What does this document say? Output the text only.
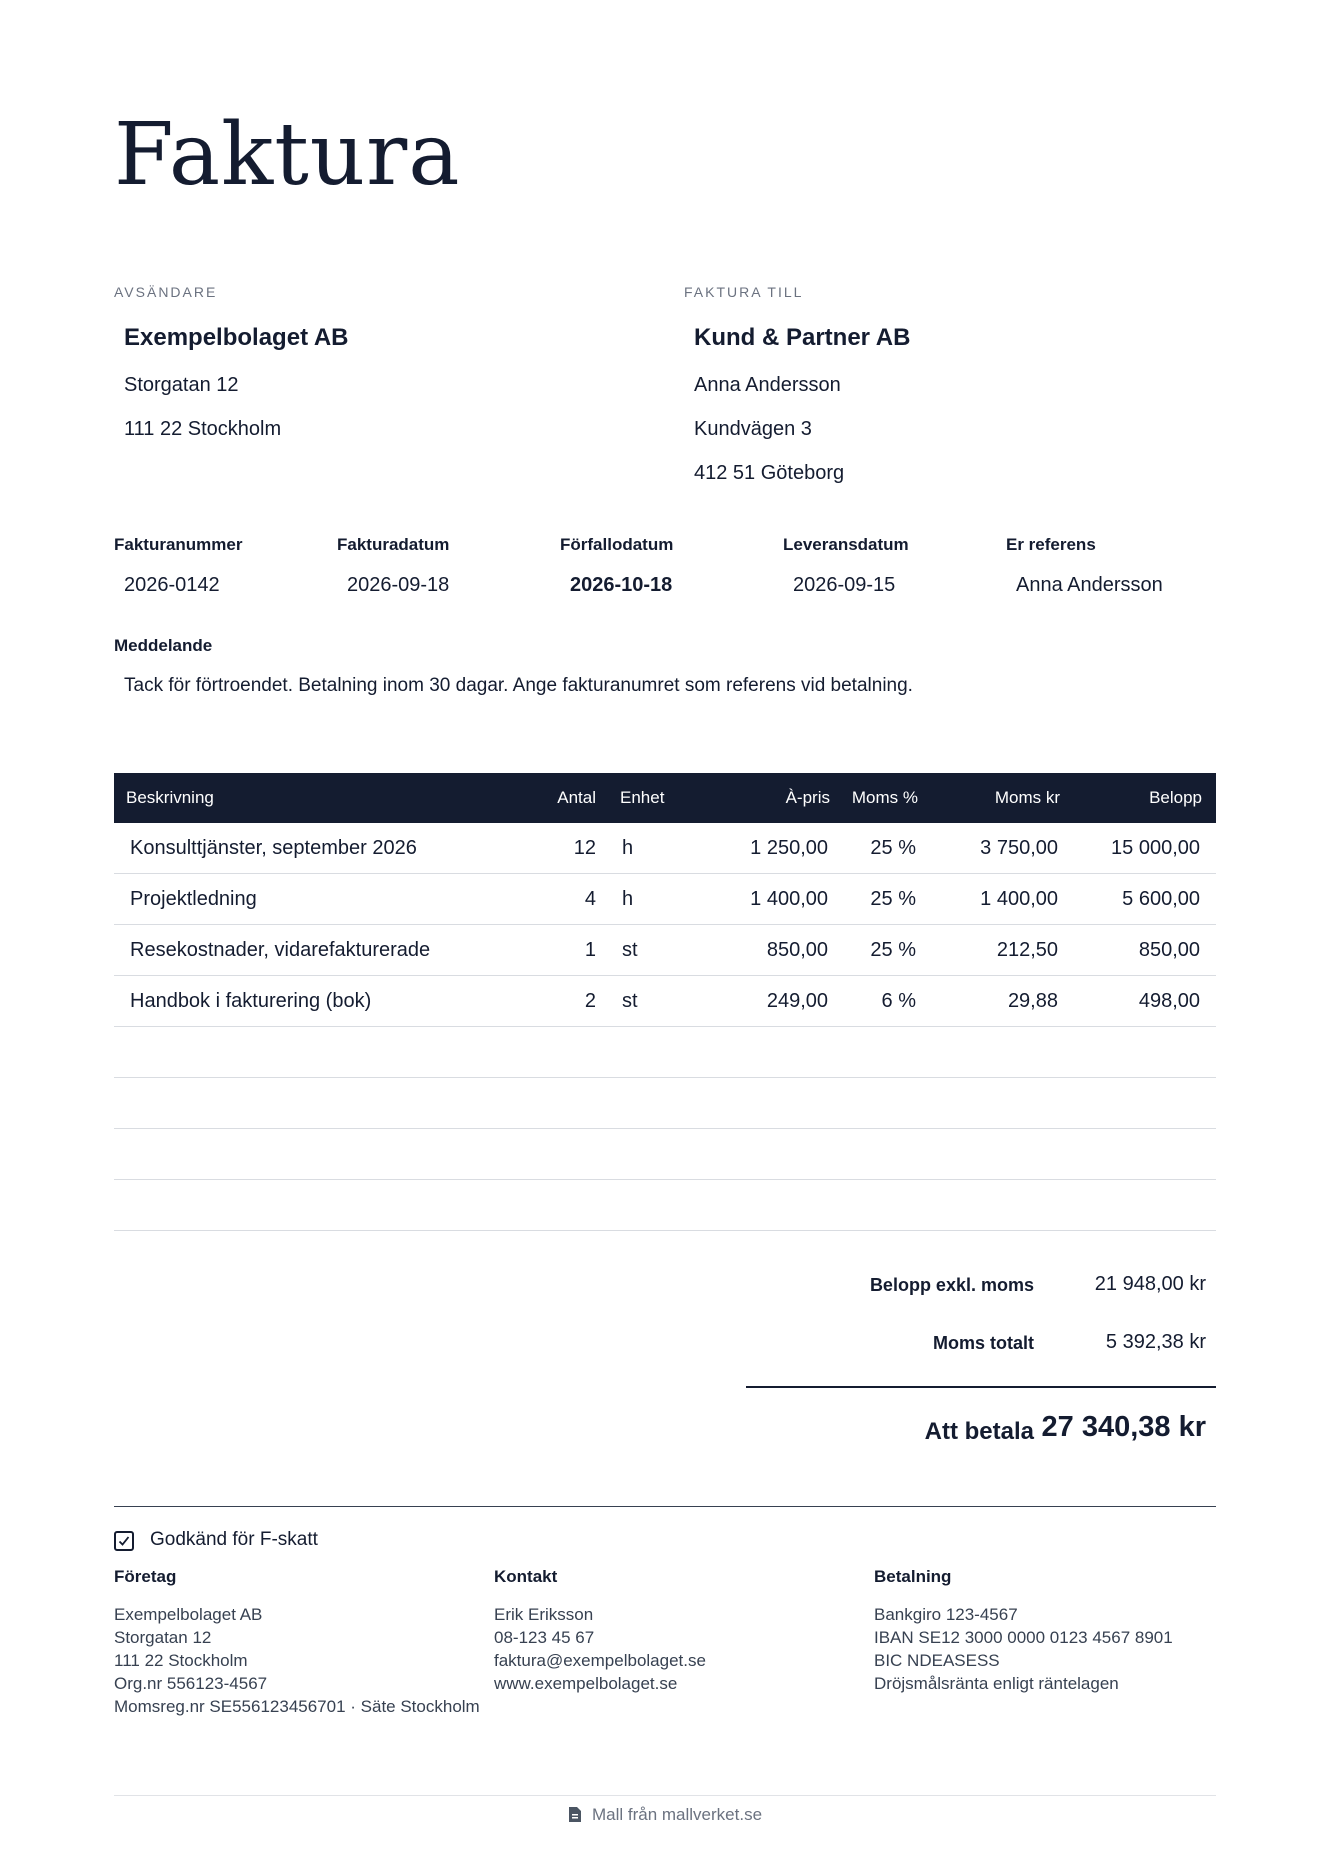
Faktura
AVSÄNDARE
Exempelbolaget AB
Storgatan 12
111 22 Stockholm
FAKTURA TILL
Kund & Partner AB
Anna Andersson
Kundvägen 3
412 51 Göteborg
Fakturanummer
2026-0142
Fakturadatum
2026-09-18
Förfallodatum
2026-10-18
Leveransdatum
2026-09-15
Er referens
Anna Andersson
Meddelande
Tack för förtroendet. Betalning inom 30 dagar. Ange fakturanumret som referens vid betalning.
Beskrivning	Antal Enhet	À-pris	Moms %	Moms kr	Belopp
Konsulttjänster, september 2026	12 h	1 250,00	25 %	3 750,00	15 000,00
Projektledning	4 h	1 400,00	25 %	1 400,00	5 600,00
Resekostnader, vidarefakturerade	1 st	850,00	25 %	212,50	850,00
Handbok i fakturering (bok)	2 st	249,00	6 %	29,88	498,00
Belopp exkl. moms	21 948,00 kr
Moms totalt	5 392,38 kr
Att betala 27 340,38 kr
Godkänd för F-skatt
Företag
Exempelbolaget AB
Storgatan 12
111 22 Stockholm
Org.nr 556123-4567
Momsreg.nr SE556123456701 · Säte Stockholm
Kontakt
Erik Eriksson
08-123 45 67
faktura@exempelbolaget.se
www.exempelbolaget.se
Betalning
Bankgiro 123-4567
IBAN SE12 3000 0000 0123 4567 8901
BIC NDEASESS
Dröjsmålsränta enligt räntelagen
Mall från mallverket.se
